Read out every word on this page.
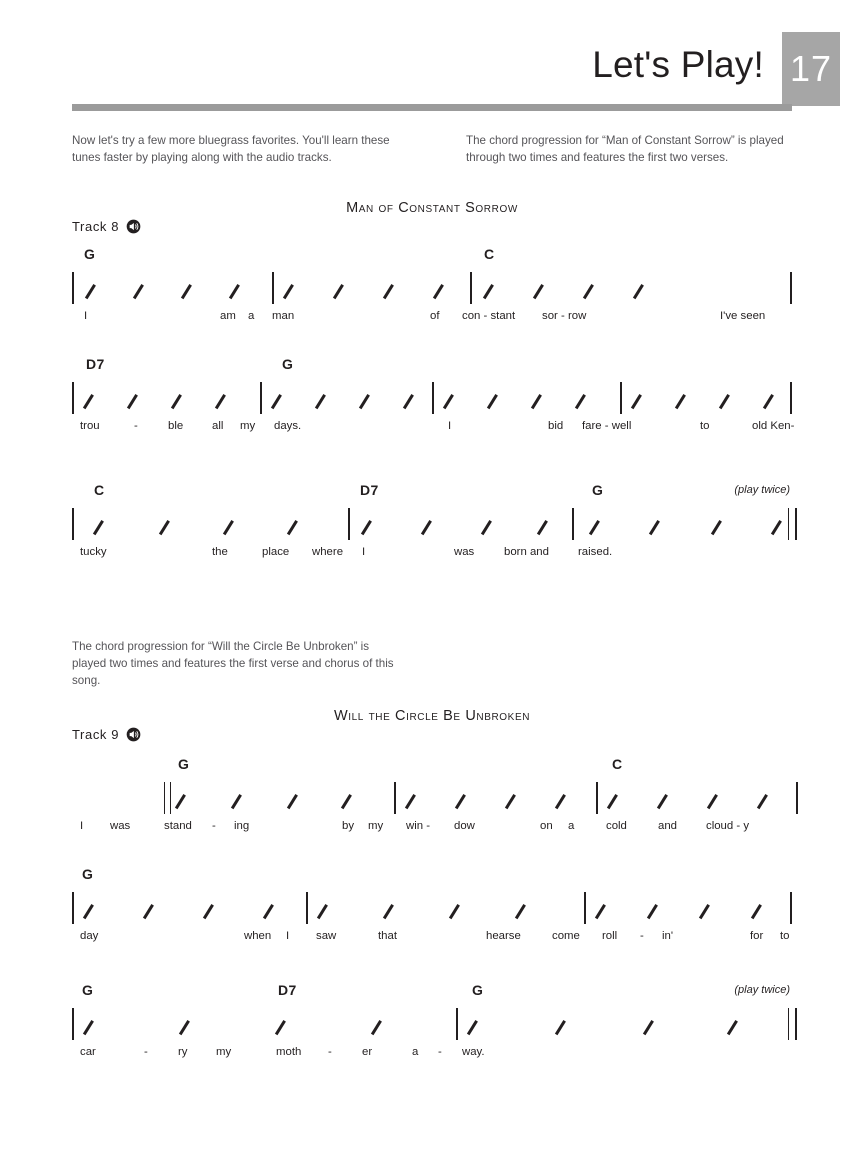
Let's Play! 17
Now let's try a few more bluegrass favorites. You'll learn these tunes faster by playing along with the audio tracks.
The chord progression for “Man of Constant Sorrow” is played through two times and features the first two verses.
Man of Constant Sorrow
Track 8
G	C
I	am a man	of con - stant sor - row	I've seen
D7	G
trou	-	ble	all my days.	I	bid fare - well	to	old Ken-
C	D7	G	(play twice)
tucky	the	place where I	was	born and	raised.
The chord progression for “Will the Circle Be Unbroken” is played two times and features the first verse and chorus of this song.
Will the Circle Be Unbroken
Track 9
G	C
I was	stand - ing	by my win - dow	on a	cold	and	cloud - y
G
day	when I saw	that	hearse	come roll - in'	for to
G	D7	G	(play twice)
car	-	ry	my	moth -	er	a - way.
